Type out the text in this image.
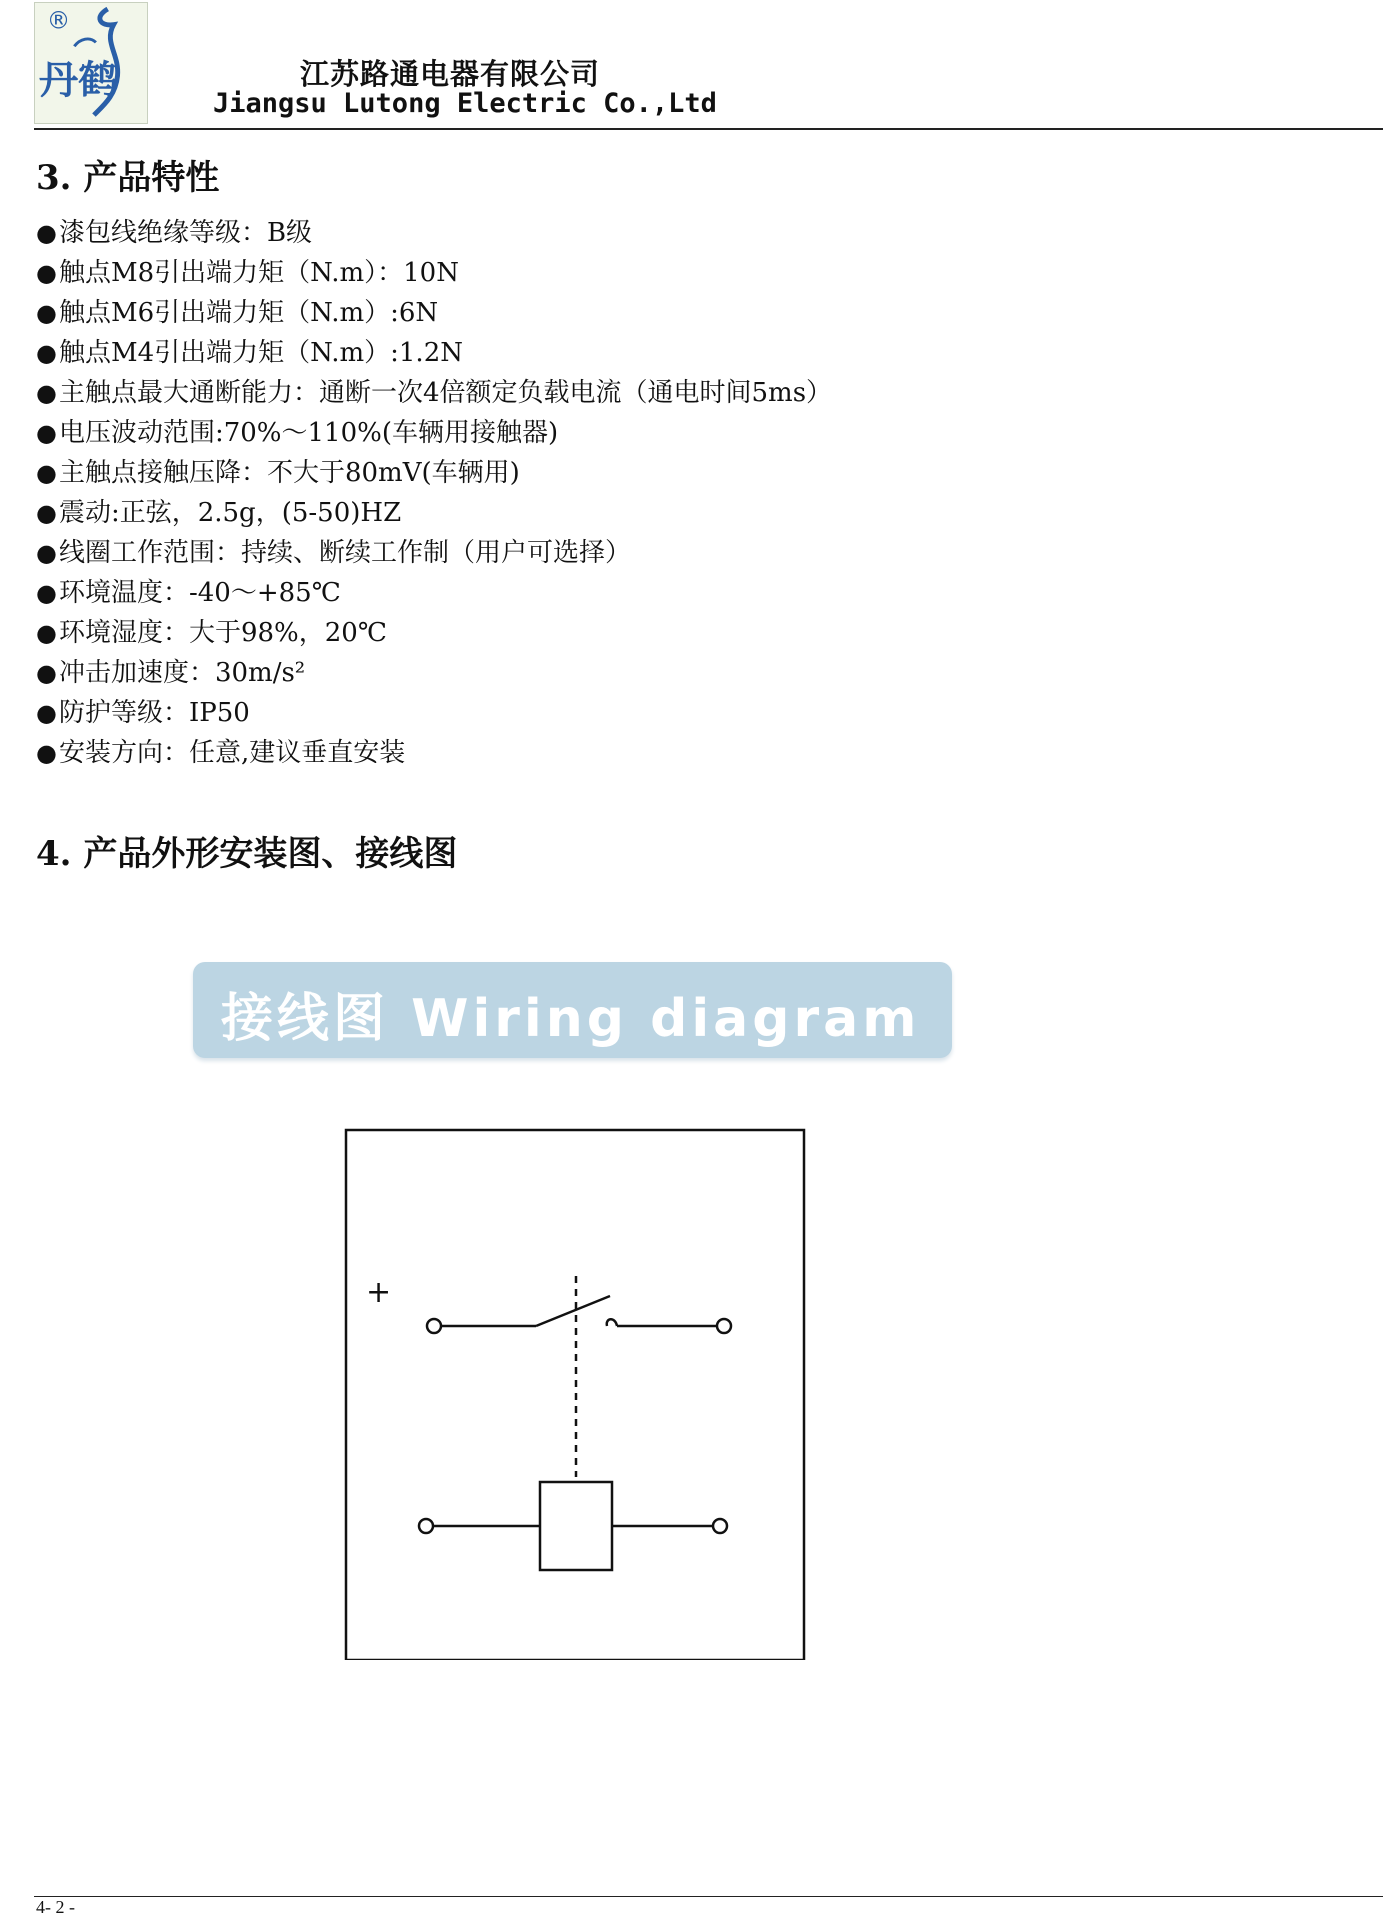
®
丹鹤	江苏路通电器有限公司
Jiangsu Lutong Electric Co.,Ltd
3. 产品特性
●漆包线绝缘等级：B级
●触点M8引出端力矩（N.m）：10N
●触点M6引出端力矩（N.m）:6N
●触点M4引出端力矩（N.m）:1.2N
●主触点最大通断能力：通断一次4倍额定负载电流（通电时间5ms）
●电压波动范围:70%～110%(车辆用接触器)
●主触点接触压降：不大于80mV(车辆用)
●震动:正弦，2.5g，(5-50)HZ
●线圈工作范围：持续、断续工作制（用户可选择）
●环境温度：-40～+85℃
●环境湿度：大于98%，20℃
●冲击加速度：30m/s²
●防护等级：IP50
●安装方向：任意,建议垂直安装
4. 产品外形安装图、接线图
接线图 Wiring diagram
+
4- 2 -
